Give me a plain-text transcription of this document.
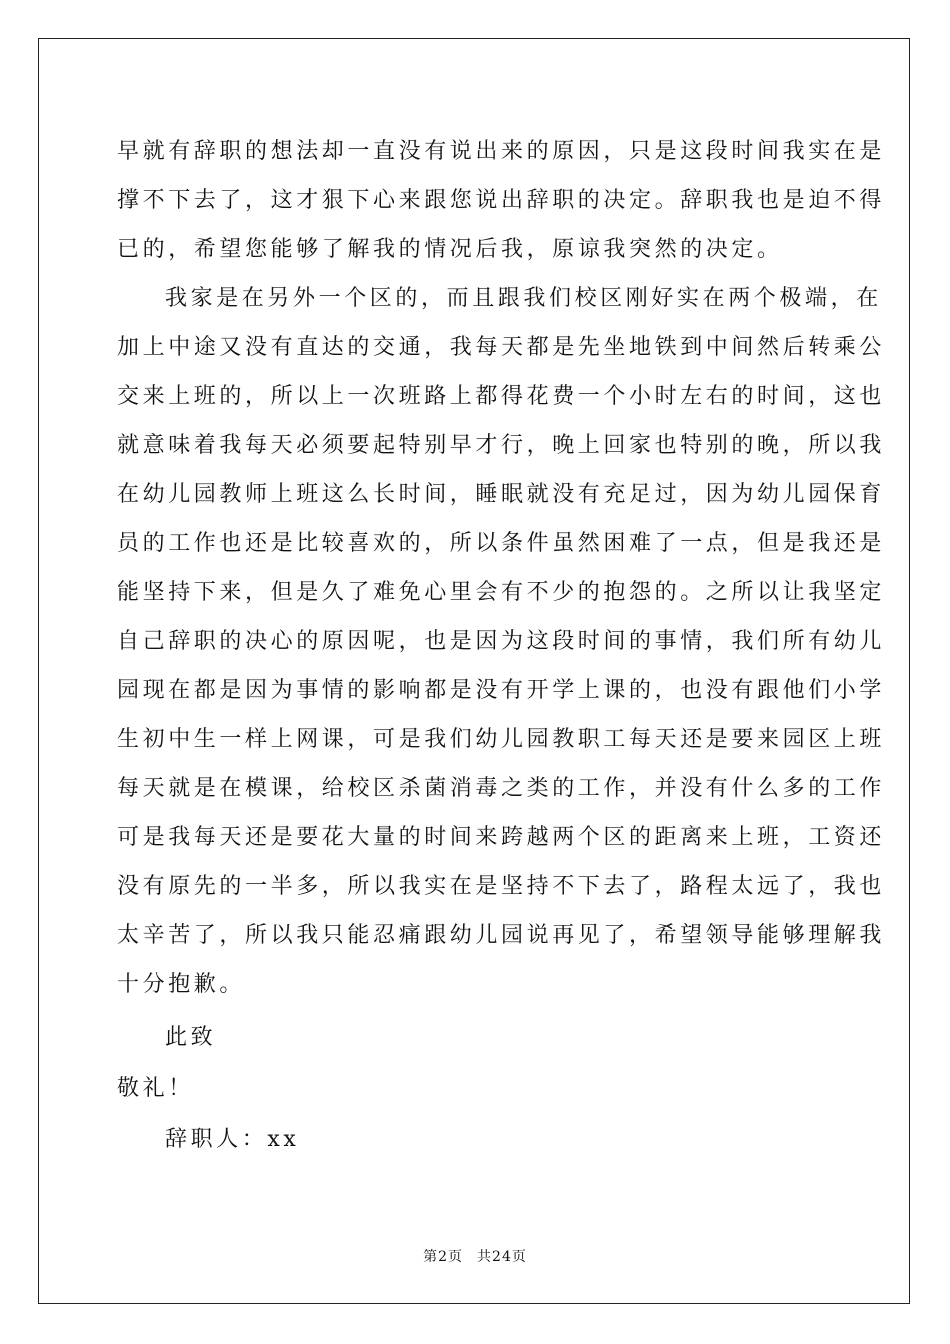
早就有辞职的想法却一直没有说出来的原因，只是这段时间我实在是
撑不下去了，这才狠下心来跟您说出辞职的决定。辞职我也是迫不得
已的，希望您能够了解我的情况后我，原谅我突然的决定。
我家是在另外一个区的，而且跟我们校区刚好实在两个极端，在
加上中途又没有直达的交通，我每天都是先坐地铁到中间然后转乘公
交来上班的，所以上一次班路上都得花费一个小时左右的时间，这也
就意味着我每天必须要起特别早才行，晚上回家也特别的晚，所以我
在幼儿园教师上班这么长时间，睡眠就没有充足过，因为幼儿园保育
员的工作也还是比较喜欢的，所以条件虽然困难了一点，但是我还是
能坚持下来，但是久了难免心里会有不少的抱怨的。之所以让我坚定
自己辞职的决心的原因呢，也是因为这段时间的事情，我们所有幼儿
园现在都是因为事情的影响都是没有开学上课的，也没有跟他们小学
生初中生一样上网课，可是我们幼儿园教职工每天还是要来园区上班
每天就是在模课，给校区杀菌消毒之类的工作，并没有什么多的工作
可是我每天还是要花大量的时间来跨越两个区的距离来上班，工资还
没有原先的一半多，所以我实在是坚持不下去了，路程太远了，我也
太辛苦了，所以我只能忍痛跟幼儿园说再见了，希望领导能够理解我
十分抱歉。
此致
敬礼！
辞职人：xx
第2页 共24页
